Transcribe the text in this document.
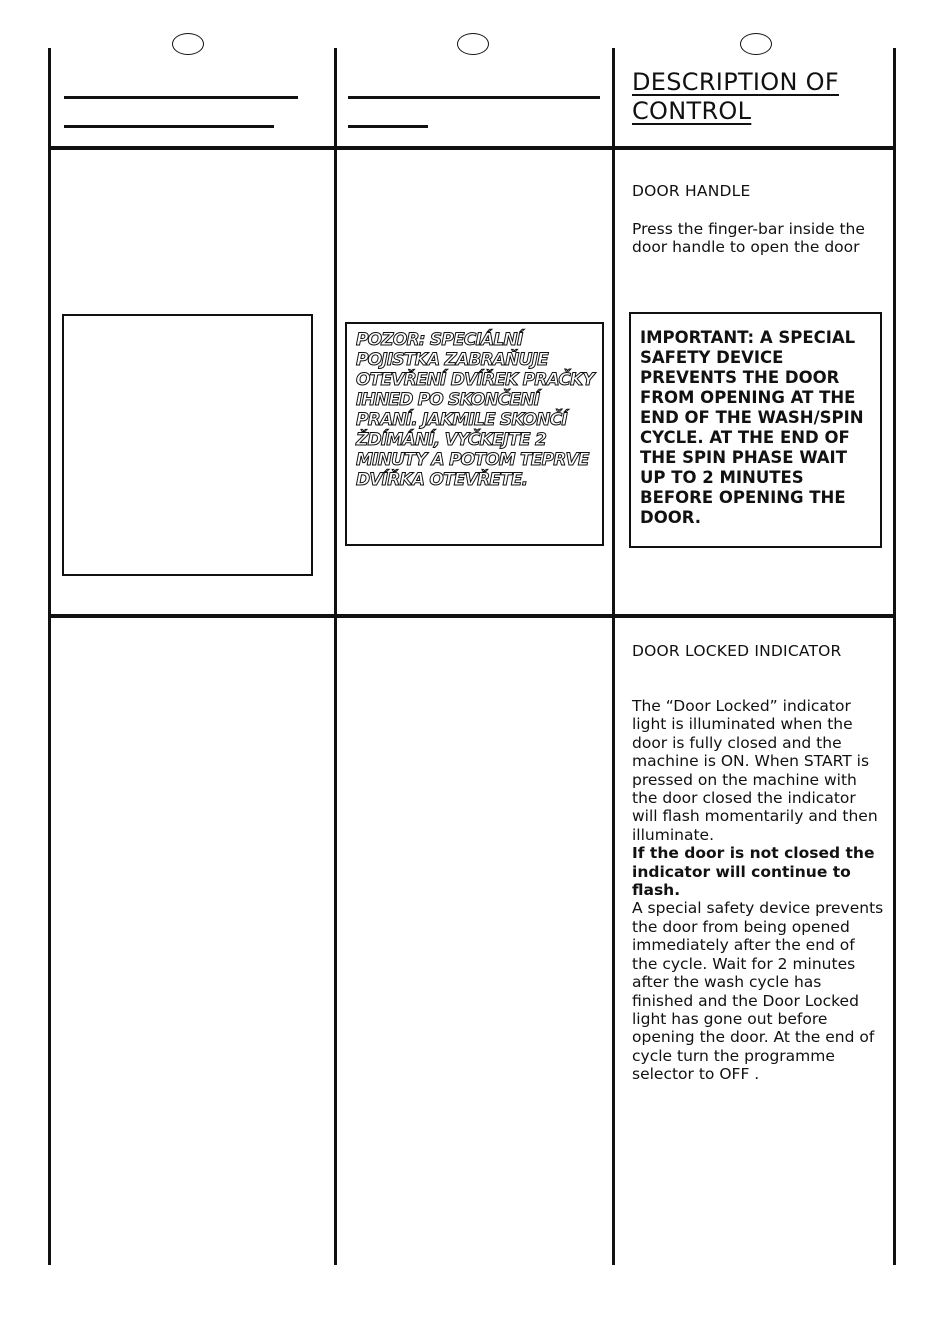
DESCRIPTION OF CONTROL
DOOR HANDLE

Press the finger-bar inside the door handle to open the door

POZOR: SPECIÁLNÍ POJISTKA ZABRAŇUJE OTEVŘENÍ DVÍŘEK PRAČKY IHNED PO SKONČENÍ PRANÍ. JAKMILE SKONČÍ ŽDÍMÁNÍ, VYČKEJTE 2 MINUTY A POTOM TEPRVE DVÍŘKA OTEVŘETE.

IMPORTANT: A SPECIAL SAFETY DEVICE PREVENTS THE DOOR FROM OPENING AT THE END OF THE WASH/SPIN CYCLE. AT THE END OF THE SPIN PHASE WAIT UP TO 2 MINUTES BEFORE OPENING THE DOOR.

DOOR LOCKED INDICATOR
The “Door Locked” indicator light is illuminated when the door is fully closed and the machine is ON. When START is pressed on the machine with the door closed the indicator will flash momentarily and then illuminate.
If the door is not closed the indicator will continue to flash.
A special safety device prevents the door from being opened immediately after the end of the cycle. Wait for 2 minutes after the wash cycle has finished and the Door Locked light has gone out before opening the door. At the end of cycle turn the programme selector to OFF .
